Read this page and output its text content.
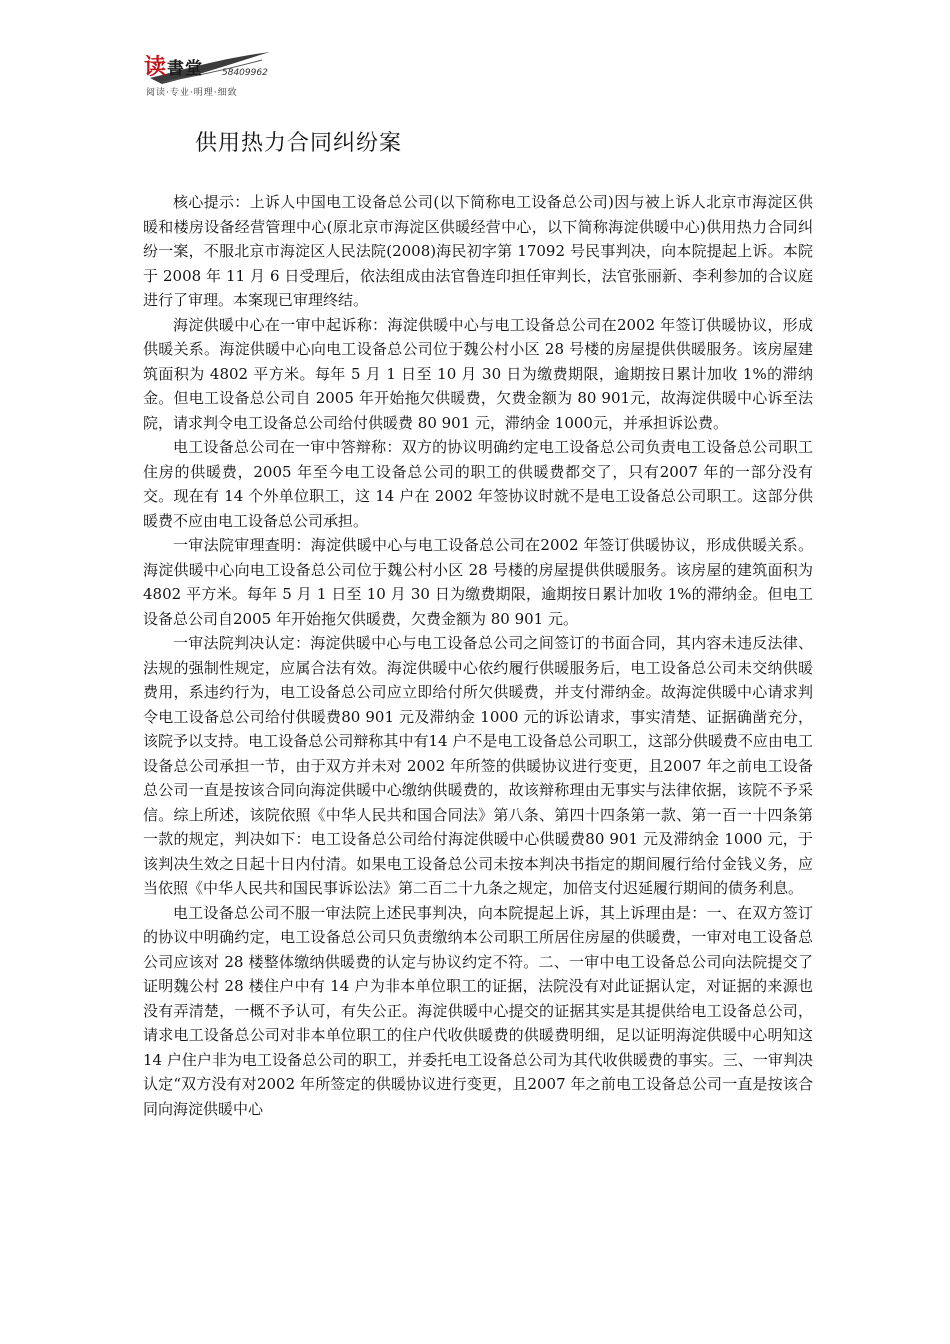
读書堂 58409962
阅读·专业·明理·细致
供用热力合同纠纷案

核心提示：上诉人中国电工设备总公司(以下简称电工设备总公司)因与被上诉人北京市海淀区供暖和楼房设备经营管理中心(原北京市海淀区供暖经营中心，以下简称海淀供暖中心)供用热力合同纠纷一案，不服北京市海淀区人民法院(2008)海民初字第 17092 号民事判决，向本院提起上诉。本院于 2008 年 11 月 6 日受理后，依法组成由法官鲁连印担任审判长，法官张丽新、李利参加的合议庭进行了审理。本案现已审理终结。

海淀供暖中心在一审中起诉称：海淀供暖中心与电工设备总公司在2002 年签订供暖协议，形成供暖关系。海淀供暖中心向电工设备总公司位于魏公村小区 28 号楼的房屋提供供暖服务。该房屋建筑面积为 4802 平方米。每年 5 月 1 日至 10 月 30 日为缴费期限，逾期按日累计加收 1%的滞纳金。但电工设备总公司自 2005 年开始拖欠供暖费，欠费金额为 80 901元，故海淀供暖中心诉至法院，请求判令电工设备总公司给付供暖费 80 901 元，滞纳金 1000元，并承担诉讼费。

电工设备总公司在一审中答辩称：双方的协议明确约定电工设备总公司负责电工设备总公司职工住房的供暖费，2005 年至今电工设备总公司的职工的供暖费都交了，只有2007 年的一部分没有交。现在有 14 个外单位职工，这 14 户在 2002 年签协议时就不是电工设备总公司职工。这部分供暖费不应由电工设备总公司承担。

一审法院审理查明：海淀供暖中心与电工设备总公司在2002 年签订供暖协议，形成供暖关系。海淀供暖中心向电工设备总公司位于魏公村小区 28 号楼的房屋提供供暖服务。该房屋的建筑面积为 4802 平方米。每年 5 月 1 日至 10 月 30 日为缴费期限，逾期按日累计加收 1%的滞纳金。但电工设备总公司自2005 年开始拖欠供暖费，欠费金额为 80 901 元。

一审法院判决认定：海淀供暖中心与电工设备总公司之间签订的书面合同，其内容未违反法律、法规的强制性规定，应属合法有效。海淀供暖中心依约履行供暖服务后，电工设备总公司未交纳供暖费用，系违约行为，电工设备总公司应立即给付所欠供暖费，并支付滞纳金。故海淀供暖中心请求判令电工设备总公司给付供暖费80 901 元及滞纳金 1000 元的诉讼请求，事实清楚、证据确凿充分，该院予以支持。电工设备总公司辩称其中有14 户不是电工设备总公司职工，这部分供暖费不应由电工设备总公司承担一节，由于双方并未对 2002 年所签的供暖协议进行变更，且2007 年之前电工设备总公司一直是按该合同向海淀供暖中心缴纳供暖费的，故该辩称理由无事实与法律依据，该院不予采信。综上所述，该院依照《中华人民共和国合同法》第八条、第四十四条第一款、第一百一十四条第一款的规定，判决如下：电工设备总公司给付海淀供暖中心供暖费80 901 元及滞纳金 1000 元，于该判决生效之日起十日内付清。如果电工设备总公司未按本判决书指定的期间履行给付金钱义务，应当依照《中华人民共和国民事诉讼法》第二百二十九条之规定，加倍支付迟延履行期间的债务利息。

电工设备总公司不服一审法院上述民事判决，向本院提起上诉，其上诉理由是：一、在双方签订的协议中明确约定，电工设备总公司只负责缴纳本公司职工所居住房屋的供暖费，一审对电工设备总公司应该对 28 楼整体缴纳供暖费的认定与协议约定不符。二、一审中电工设备总公司向法院提交了证明魏公村 28 楼住户中有 14 户为非本单位职工的证据，法院没有对此证据认定，对证据的来源也没有弄清楚，一概不予认可，有失公正。海淀供暖中心提交的证据其实是其提供给电工设备总公司，请求电工设备总公司对非本单位职工的住户代收供暖费的供暖费明细，足以证明海淀供暖中心明知这14 户住户非为电工设备总公司的职工，并委托电工设备总公司为其代收供暖费的事实。三、一审判决认定“双方没有对2002 年所签定的供暖协议进行变更，且2007 年之前电工设备总公司一直是按该合同向海淀供暖中心
